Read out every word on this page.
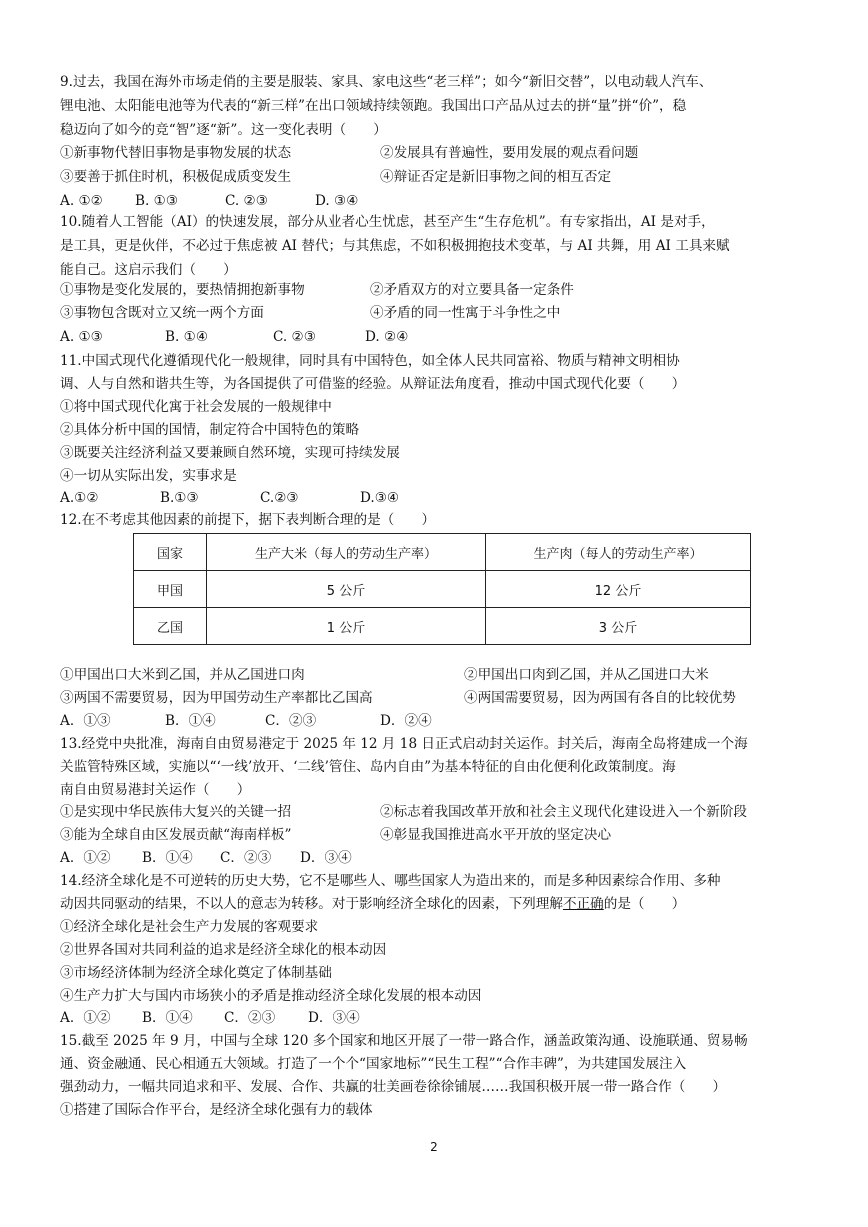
9.过去，我国在海外市场走俏的主要是服装、家具、家电这些“老三样”；如今“新旧交替”，以电动载人汽车、
锂电池、太阳能电池等为代表的“新三样”在出口领域持续领跑。我国出口产品从过去的拼“量”拼“价”，稳
稳迈向了如今的竞“智”逐“新”。这一变化表明（　　）
①新事物代替旧事物是事物发展的状态	②发展具有普遍性，要用发展的观点看问题
③要善于抓住时机，积极促成质变发生	④辩证否定是新旧事物之间的相互否定
A. ①② B. ①③	C. ②③	D. ③④
10.随着人工智能（AI）的快速发展，部分从业者心生忧虑，甚至产生“生存危机”。有专家指出，AI 是对手，
是工具，更是伙伴，不必过于焦虑被 AI 替代；与其焦虑，不如积极拥抱技术变革，与 AI 共舞，用 AI 工具来赋
能自己。这启示我们（　　）
①事物是变化发展的，要热情拥抱新事物	②矛盾双方的对立要具备一定条件
③事物包含既对立又统一两个方面	④矛盾的同一性寓于斗争性之中
A. ①③	B. ①④	C. ②③	D. ②④
11.中国式现代化遵循现代化一般规律，同时具有中国特色，如全体人民共同富裕、物质与精神文明相协
调、人与自然和谐共生等，为各国提供了可借鉴的经验。从辩证法角度看，推动中国式现代化要（　　）
①将中国式现代化寓于社会发展的一般规律中
②具体分析中国的国情，制定符合中国特色的策略
③既要关注经济利益又要兼顾自然环境，实现可持续发展
④一切从实际出发，实事求是
A.①②	B.①③	C.②③	D.③④
12.在不考虑其他因素的前提下，据下表判断合理的是（　　）
国家	生产大米（每人的劳动生产率）	生产肉（每人的劳动生产率）
甲国	5 公斤	12 公斤
乙国	1 公斤	3 公斤
①甲国出口大米到乙国，并从乙国进口肉	②甲国出口肉到乙国，并从乙国进口大米
③两国不需要贸易，因为甲国劳动生产率都比乙国高	④两国需要贸易，因为两国有各自的比较优势
A．①③	B．①④	C．②③	D．②④
13.经党中央批准，海南自由贸易港定于 2025 年 12 月 18 日正式启动封关运作。封关后，海南全岛将建成一个海
关监管特殊区域，实施以“‘一线’放开、‘二线’管住、岛内自由”为基本特征的自由化便利化政策制度。海
南自由贸易港封关运作（　　）
①是实现中华民族伟大复兴的关键一招	②标志着我国改革开放和社会主义现代化建设进入一个新阶段
③能为全球自由区发展贡献“海南样板”	④彰显我国推进高水平开放的坚定决心
A．①② B．①④ C．②③ D．③④
14.经济全球化是不可逆转的历史大势，它不是哪些人、哪些国家人为造出来的，而是多种因素综合作用、多种
动因共同驱动的结果，不以人的意志为转移。对于影响经济全球化的因素，下列理解不正确的是（　　）
①经济全球化是社会生产力发展的客观要求
②世界各国对共同利益的追求是经济全球化的根本动因
③市场经济体制为经济全球化奠定了体制基础
④生产力扩大与国内市场狭小的矛盾是推动经济全球化发展的根本动因
A．①② B．①④ C．②③ D．③④
15.截至 2025 年 9 月，中国与全球 120 多个国家和地区开展了一带一路合作，涵盖政策沟通、设施联通、贸易畅
通、资金融通、民心相通五大领域。打造了一个个“国家地标”“民生工程”“合作丰碑”，为共建国发展注入
强劲动力，一幅共同追求和平、发展、合作、共赢的壮美画卷徐徐铺展……我国积极开展一带一路合作（　　）
①搭建了国际合作平台，是经济全球化强有力的载体
2
